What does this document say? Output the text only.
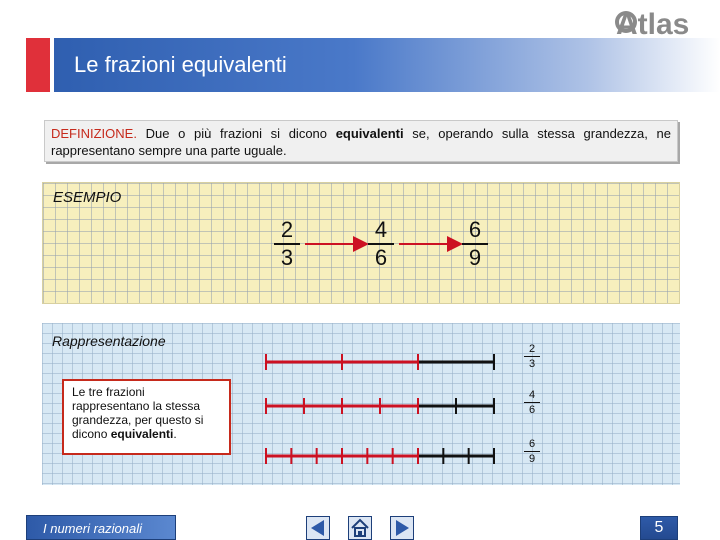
Atlas
Le frazioni equivalenti
DEFINIZIONE. Due o più frazioni si dicono equivalenti se, operando sulla stessa grandezza, ne rappresentano sempre una parte uguale.
ESEMPIO
$\frac{2}{3}$	$\frac{4}{6}$	$\frac{6}{9}$
Rappresentazione
Le tre frazioni rappresentano la stessa grandezza, per questo si dicono equivalenti.
$\frac{2}{3}$
$\frac{4}{6}$
$\frac{6}{9}$
I numeri razionali	5
